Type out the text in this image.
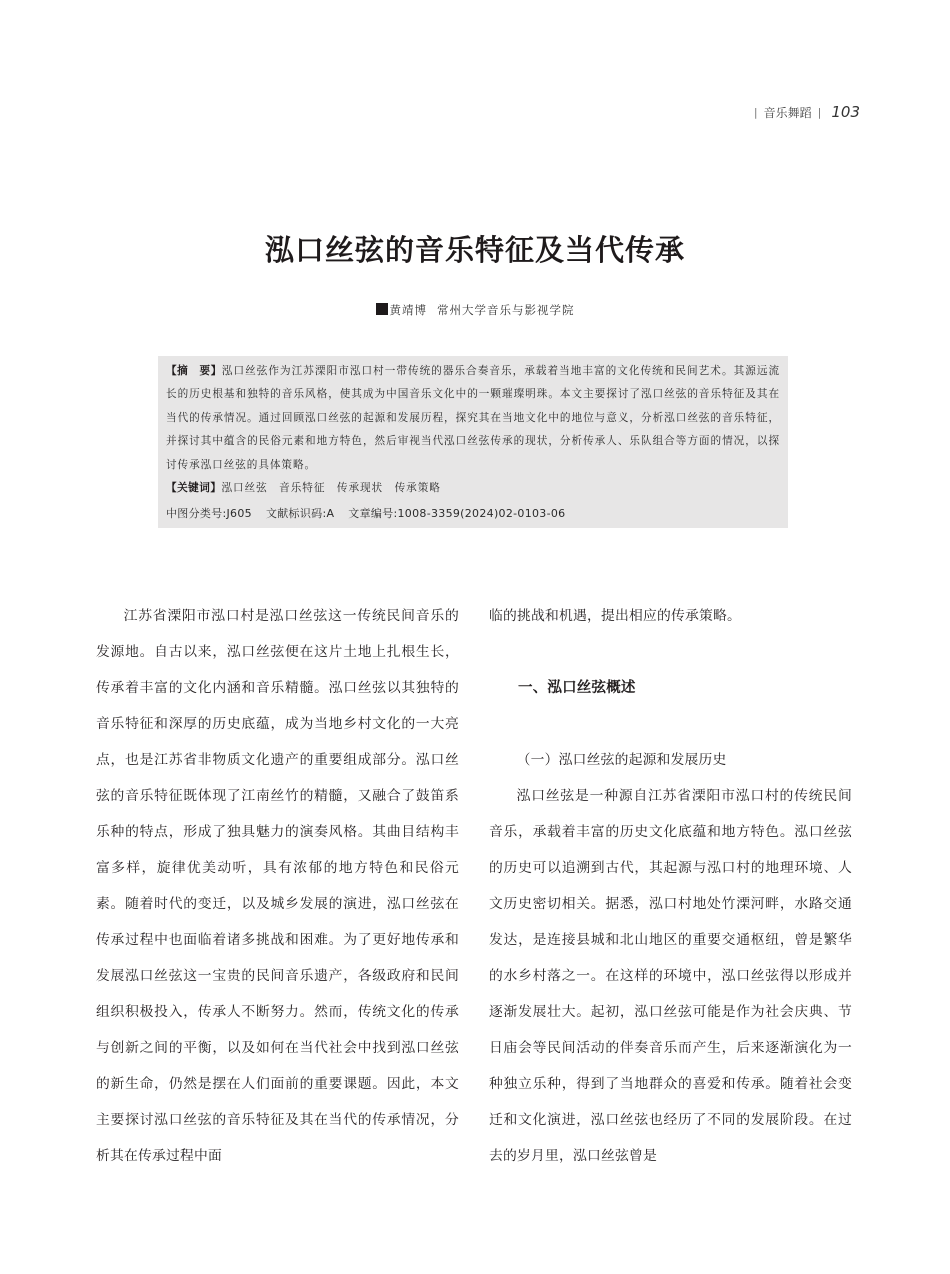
| 音乐舞蹈 | 103
泓口丝弦的音乐特征及当代传承
黄靖博 常州大学音乐与影视学院

【摘　要】泓口丝弦作为江苏溧阳市泓口村一带传统的器乐合奏音乐，承载着当地丰富的文化传统和民间艺术。其源远流长的历史根基和独特的音乐风格，使其成为中国音乐文化中的一颗璀璨明珠。本文主要探讨了泓口丝弦的音乐特征及其在当代的传承情况。通过回顾泓口丝弦的起源和发展历程，探究其在当地文化中的地位与意义，分析泓口丝弦的音乐特征，并探讨其中蕴含的民俗元素和地方特色，然后审视当代泓口丝弦传承的现状，分析传承人、乐队组合等方面的情况，以探讨传承泓口丝弦的具体策略。

【关键词】泓口丝弦　音乐特征　传承现状　传承策略

中图分类号:J605 文献标识码:A 文章编号:1008-3359(2024)02-0103-06

江苏省溧阳市泓口村是泓口丝弦这一传统民间音乐的发源地。自古以来，泓口丝弦便在这片土地上扎根生长，传承着丰富的文化内涵和音乐精髓。泓口丝弦以其独特的音乐特征和深厚的历史底蕴，成为当地乡村文化的一大亮点，也是江苏省非物质文化遗产的重要组成部分。泓口丝弦的音乐特征既体现了江南丝竹的精髓，又融合了鼓笛系乐种的特点，形成了独具魅力的演奏风格。其曲目结构丰富多样，旋律优美动听，具有浓郁的地方特色和民俗元素。随着时代的变迁，以及城乡发展的演进，泓口丝弦在传承过程中也面临着诸多挑战和困难。为了更好地传承和发展泓口丝弦这一宝贵的民间音乐遗产，各级政府和民间组织积极投入，传承人不断努力。然而，传统文化的传承与创新之间的平衡，以及如何在当代社会中找到泓口丝弦的新生命，仍然是摆在人们面前的重要课题。因此，本文主要探讨泓口丝弦的音乐特征及其在当代的传承情况，分析其在传承过程中面

临的挑战和机遇，提出相应的传承策略。

一、泓口丝弦概述

（一）泓口丝弦的起源和发展历史

泓口丝弦是一种源自江苏省溧阳市泓口村的传统民间音乐，承载着丰富的历史文化底蕴和地方特色。泓口丝弦的历史可以追溯到古代，其起源与泓口村的地理环境、人文历史密切相关。据悉，泓口村地处竹溧河畔，水路交通发达，是连接县城和北山地区的重要交通枢纽，曾是繁华的水乡村落之一。在这样的环境中，泓口丝弦得以形成并逐渐发展壮大。起初，泓口丝弦可能是作为社会庆典、节日庙会等民间活动的伴奏音乐而产生，后来逐渐演化为一种独立乐种，得到了当地群众的喜爱和传承。随着社会变迁和文化演进，泓口丝弦也经历了不同的发展阶段。在过去的岁月里，泓口丝弦曾是
